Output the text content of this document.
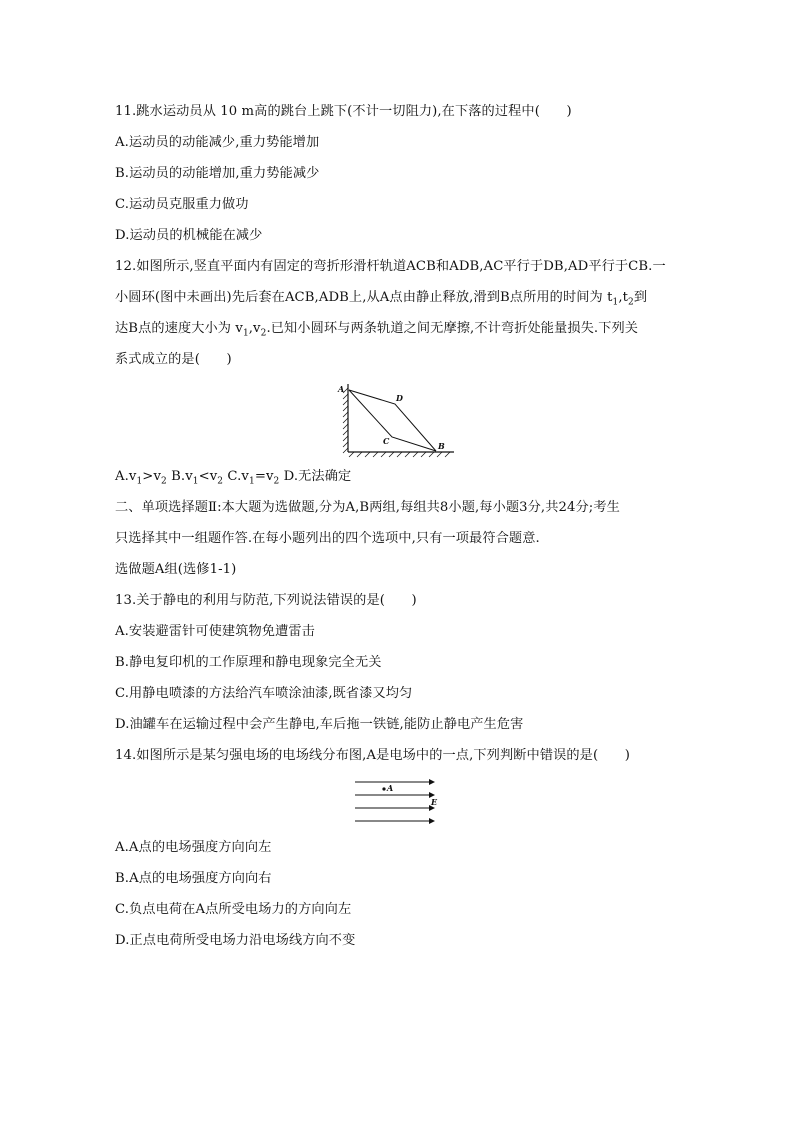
11.跳水运动员从 10 m高的跳台上跳下(不计一切阻力),在下落的过程中(　　)
A.运动员的动能减少,重力势能增加
B.运动员的动能增加,重力势能减少
C.运动员克服重力做功
D.运动员的机械能在减少
12.如图所示,竖直平面内有固定的弯折形滑杆轨道ACB和ADB,AC平行于DB,AD平行于CB.一
小圆环(图中未画出)先后套在ACB,ADB上,从A点由静止释放,滑到B点所用的时间为 $t_1,t_2$到
达B点的速度大小为 $v_1,v_2$.已知小圆环与两条轨道之间无摩擦,不计弯折处能量损失.下列关
系式成立的是(　　)
A
D
C	B
$A.v_1>v_2$ $B.v_1<v_2$ $C.v_1=v_2$ D.无法确定
二、单项选择题Ⅱ:本大题为选做题,分为A,B两组,每组共8小题,每小题3分,共24分;考生
只选择其中一组题作答.在每小题列出的四个选项中,只有一项最符合题意.
选做题A组(选修1-1)
13.关于静电的利用与防范,下列说法错误的是(　　)
A.安装避雷针可使建筑物免遭雷击
B.静电复印机的工作原理和静电现象完全无关
C.用静电喷漆的方法给汽车喷涂油漆,既省漆又均匀
D.油罐车在运输过程中会产生静电,车后拖一铁链,能防止静电产生危害
14.如图所示是某匀强电场的电场线分布图,A是电场中的一点,下列判断中错误的是(　　)
A
E
A.A点的电场强度方向向左
B.A点的电场强度方向向右
C.负点电荷在A点所受电场力的方向向左
D.正点电荷所受电场力沿电场线方向不变
